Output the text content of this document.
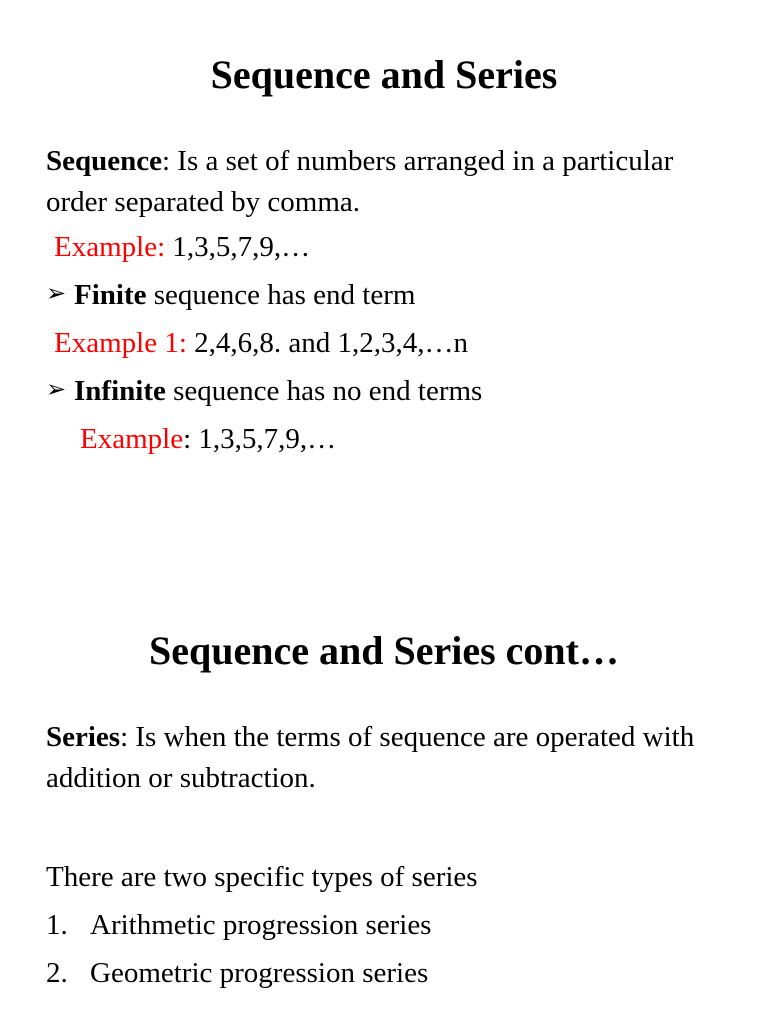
Sequence and Series

Sequence: Is a set of numbers arranged in a particular order separated by comma.

Example: 1,3,5,7,9,…

➢ Finite sequence has end term

Example 1: 2,4,6,8. and 1,2,3,4,…n

➢ Infinite sequence has no end terms

Example: 1,3,5,7,9,…

Sequence and Series cont…

Series: Is when the terms of sequence are operated with addition or subtraction.

There are two specific types of series

1. Arithmetic progression series

2. Geometric progression series
